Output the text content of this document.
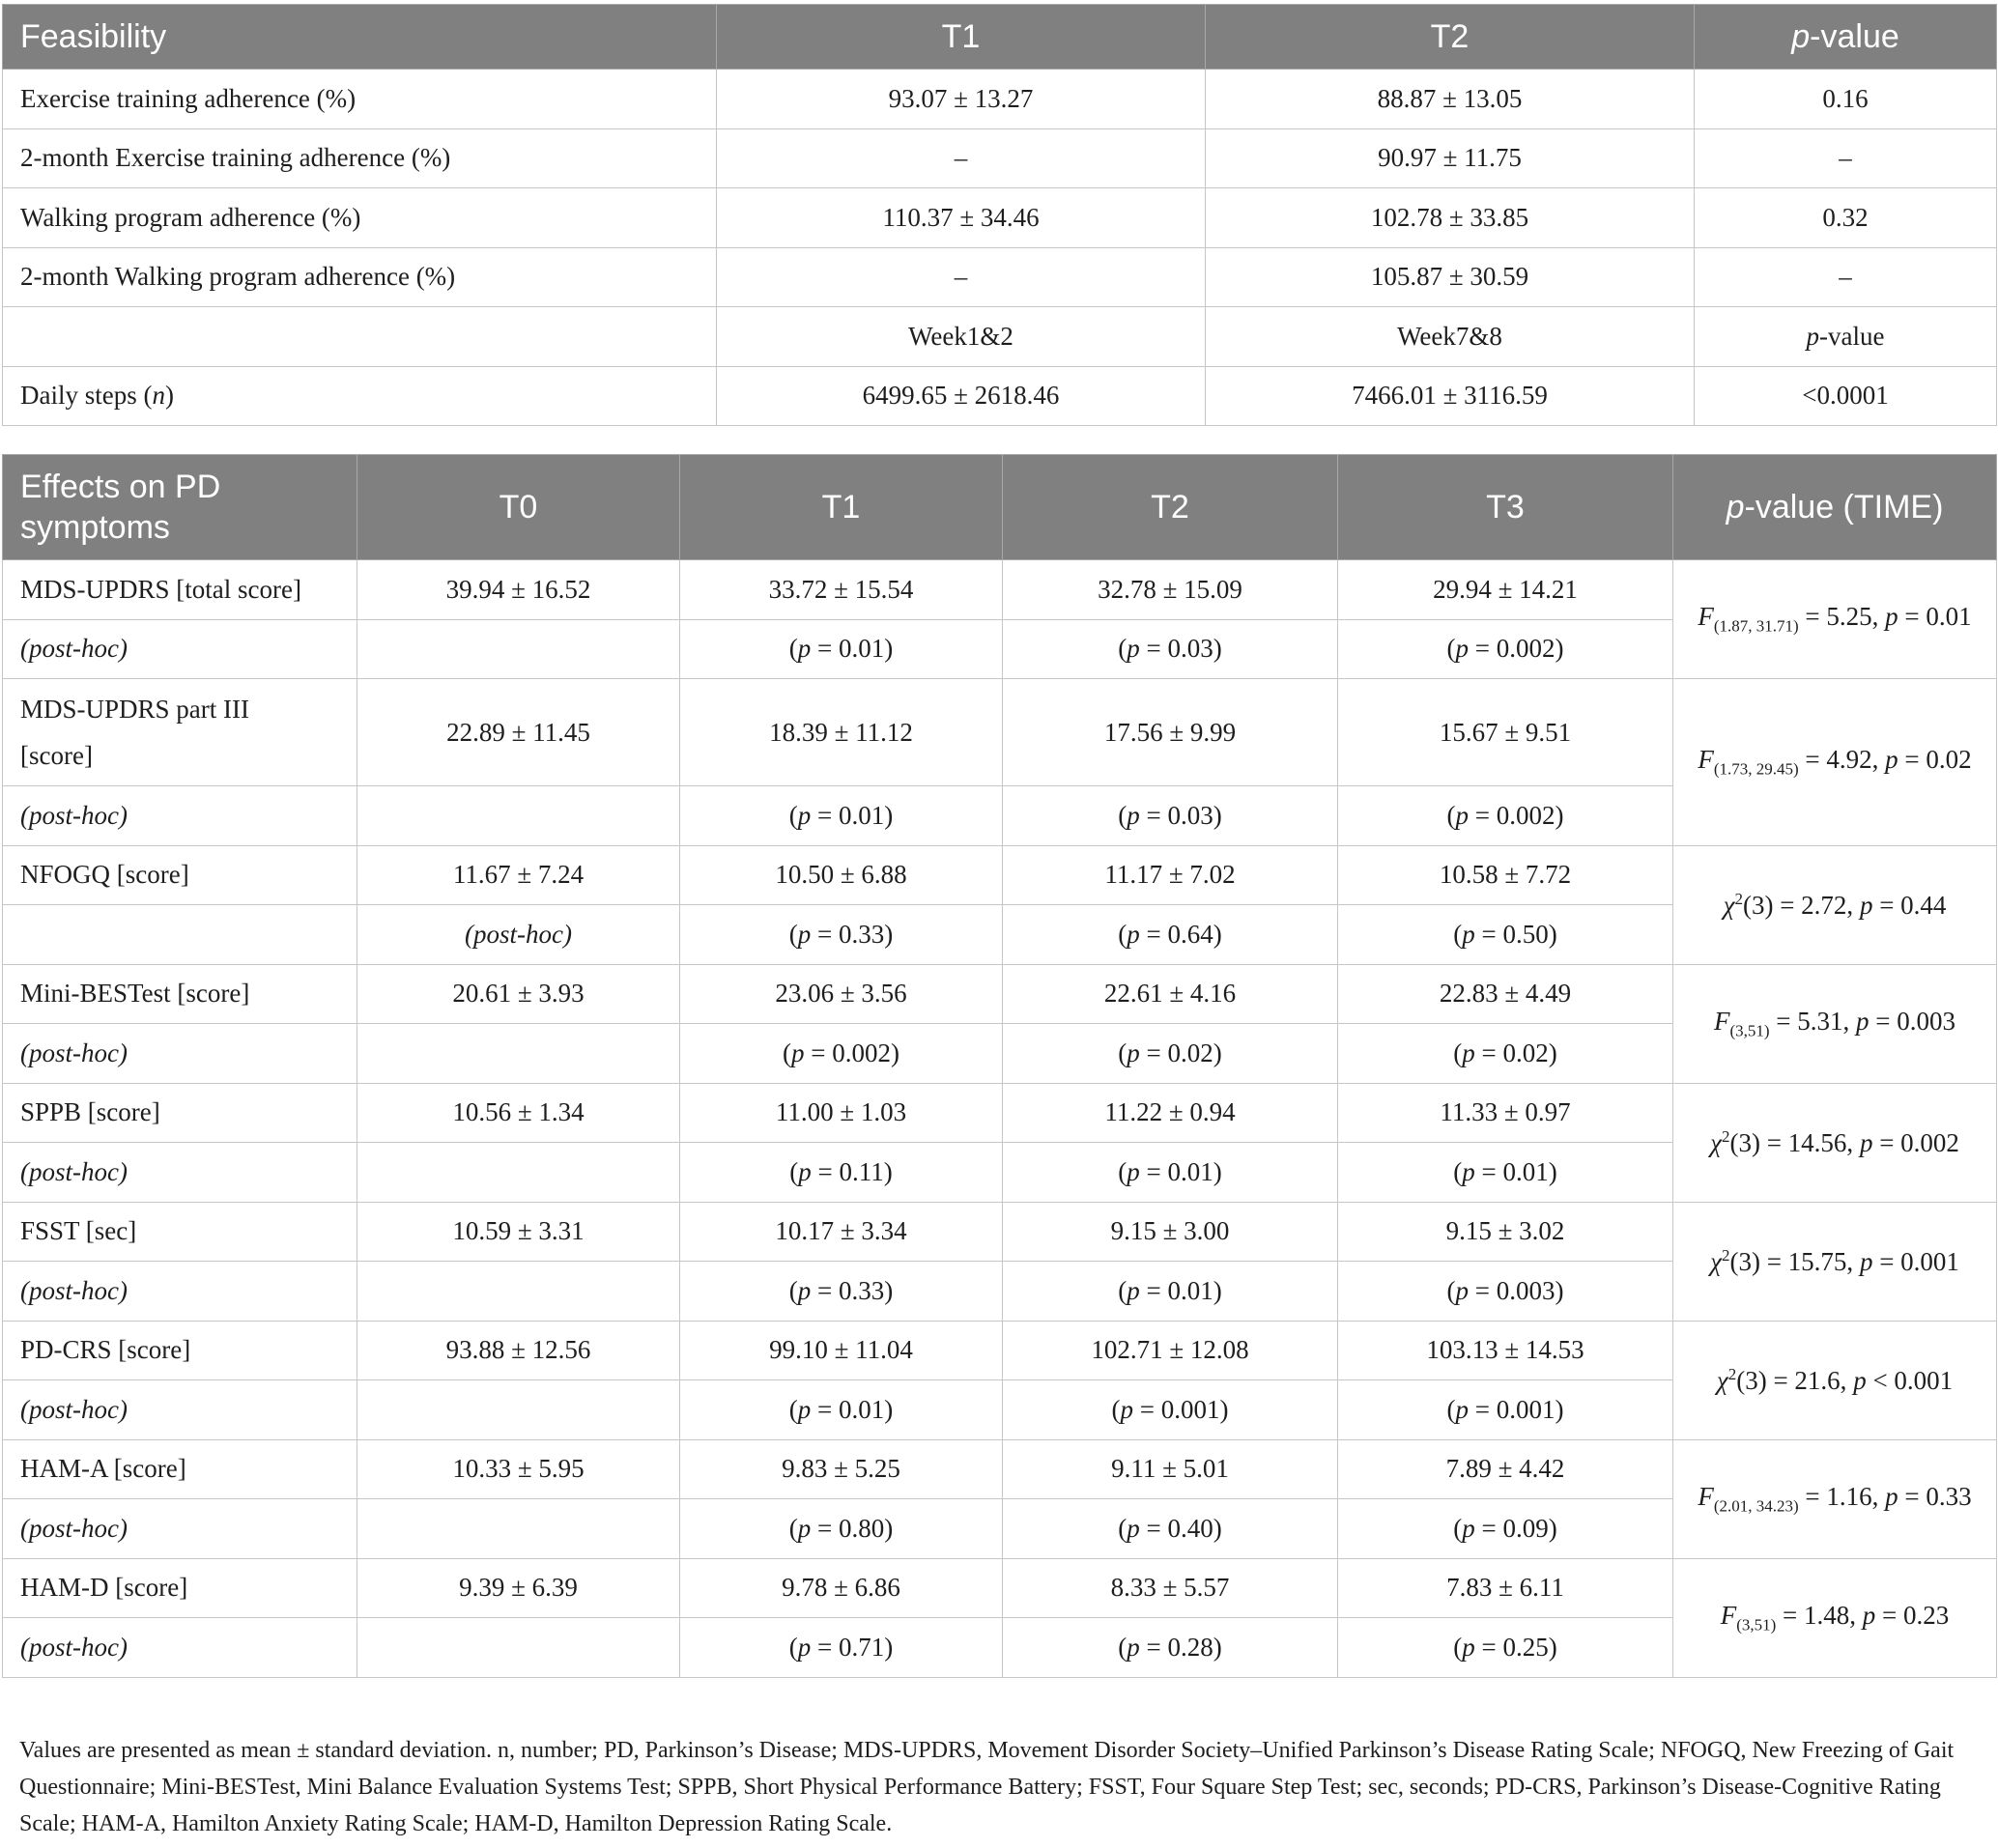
Feasibility	T1	T2	p-value
Exercise training adherence (%)	93.07 ± 13.27	88.87 ± 13.05	0.16
2-month Exercise training adherence (%)	–	90.97 ± 11.75	–
Walking program adherence (%)	110.37 ± 34.46	102.78 ± 33.85	0.32
2-month Walking program adherence (%)	–	105.87 ± 30.59	–
	Week1&2	Week7&8	p-value
Daily steps (n)	6499.65 ± 2618.46	7466.01 ± 3116.59	<0.0001
Effects on PD
symptoms	T0	T1	T2	T3	p-value (TIME)
MDS-UPDRS [total score]	39.94 ± 16.52	33.72 ± 15.54	32.78 ± 15.09	29.94 ± 14.21	$F_{(1.87, 31.71)} = 5.25$, p = 0.01
(post-hoc)		(p = 0.01)	(p = 0.03)	(p = 0.002)	
MDS-UPDRS part III
[score]	22.89 ± 11.45	18.39 ± 11.12	17.56 ± 9.99	15.67 ± 9.51	$F_{(1.73, 29.45)} = 4.92$, p = 0.02
(post-hoc)		(p = 0.01)	(p = 0.03)	(p = 0.002)	
NFOGQ [score]	11.67 ± 7.24	10.50 ± 6.88	11.17 ± 7.02	10.58 ± 7.72	$\chi^2(3) = 2.72$, p = 0.44
	(post-hoc)	(p = 0.33)	(p = 0.64)	(p = 0.50)	
Mini-BESTest [score]	20.61 ± 3.93	23.06 ± 3.56	22.61 ± 4.16	22.83 ± 4.49	$F_{(3,51)} = 5.31$, p = 0.003
(post-hoc)		(p = 0.002)	(p = 0.02)	(p = 0.02)	
SPPB [score]	10.56 ± 1.34	11.00 ± 1.03	11.22 ± 0.94	11.33 ± 0.97	$\chi^2(3) = 14.56$, p = 0.002
(post-hoc)		(p = 0.11)	(p = 0.01)	(p = 0.01)	
FSST [sec]	10.59 ± 3.31	10.17 ± 3.34	9.15 ± 3.00	9.15 ± 3.02	$\chi^2(3) = 15.75$, p = 0.001
(post-hoc)		(p = 0.33)	(p = 0.01)	(p = 0.003)	
PD-CRS [score]	93.88 ± 12.56	99.10 ± 11.04	102.71 ± 12.08	103.13 ± 14.53	$\chi^2(3) = 21.6$, p < 0.001
(post-hoc)		(p = 0.01)	(p = 0.001)	(p = 0.001)	
HAM-A [score]	10.33 ± 5.95	9.83 ± 5.25	9.11 ± 5.01	7.89 ± 4.42	$F_{(2.01, 34.23)} = 1.16$, p = 0.33
(post-hoc)		(p = 0.80)	(p = 0.40)	(p = 0.09)	
HAM-D [score]	9.39 ± 6.39	9.78 ± 6.86	8.33 ± 5.57	7.83 ± 6.11	$F_{(3,51)} = 1.48$, p = 0.23
(post-hoc)		(p = 0.71)	(p = 0.28)	(p = 0.25)	

Values are presented as mean ± standard deviation. n, number; PD, Parkinson’s Disease; MDS-UPDRS, Movement Disorder Society–Unified Parkinson’s Disease Rating Scale; NFOGQ, New Freezing of Gait Questionnaire; Mini-BESTest, Mini Balance Evaluation Systems Test; SPPB, Short Physical Performance Battery; FSST, Four Square Step Test; sec, seconds; PD-CRS, Parkinson’s Disease-Cognitive Rating Scale; HAM-A, Hamilton Anxiety Rating Scale; HAM-D, Hamilton Depression Rating Scale.
